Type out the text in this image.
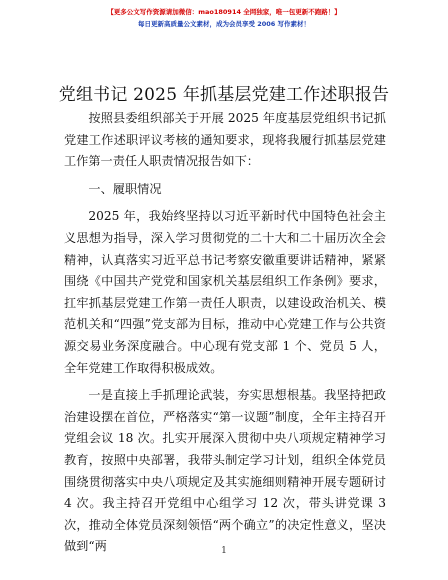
【更多公文写作资源请加微信：mao180914 全网独家，唯一包更新不跑路！】
每日更新高质量公文素材，成为会员享受 2006 写作素材！
党组书记 2025 年抓基层党建工作述职报告

按照县委组织部关于开展 2025 年度基层党组织书记抓党建工作述职评议考核的通知要求，现将我履行抓基层党建工作第一责任人职责情况报告如下：

一、履职情况

2025 年，我始终坚持以习近平新时代中国特色社会主义思想为指导，深入学习贯彻党的二十大和二十届历次全会精神，认真落实习近平总书记考察安徽重要讲话精神，紧紧围绕《中国共产党党和国家机关基层组织工作条例》要求，扛牢抓基层党建工作第一责任人职责，以建设政治机关、模范机关和“四强”党支部为目标，推动中心党建工作与公共资源交易业务深度融合。中心现有党支部 1 个、党员 5 人，全年党建工作取得积极成效。

一是直接上手抓理论武装，夯实思想根基。我坚持把政治建设摆在首位，严格落实“第一议题”制度，全年主持召开党组会议 18 次。扎实开展深入贯彻中央八项规定精神学习教育，按照中央部署，我带头制定学习计划，组织全体党员围绕贯彻落实中央八项规定及其实施细则精神开展专题研讨 4 次。我主持召开党组中心组学习 12 次，带头讲党课 3 次，推动全体党员深刻领悟“两个确立”的决定性意义，坚决做到“两	1
